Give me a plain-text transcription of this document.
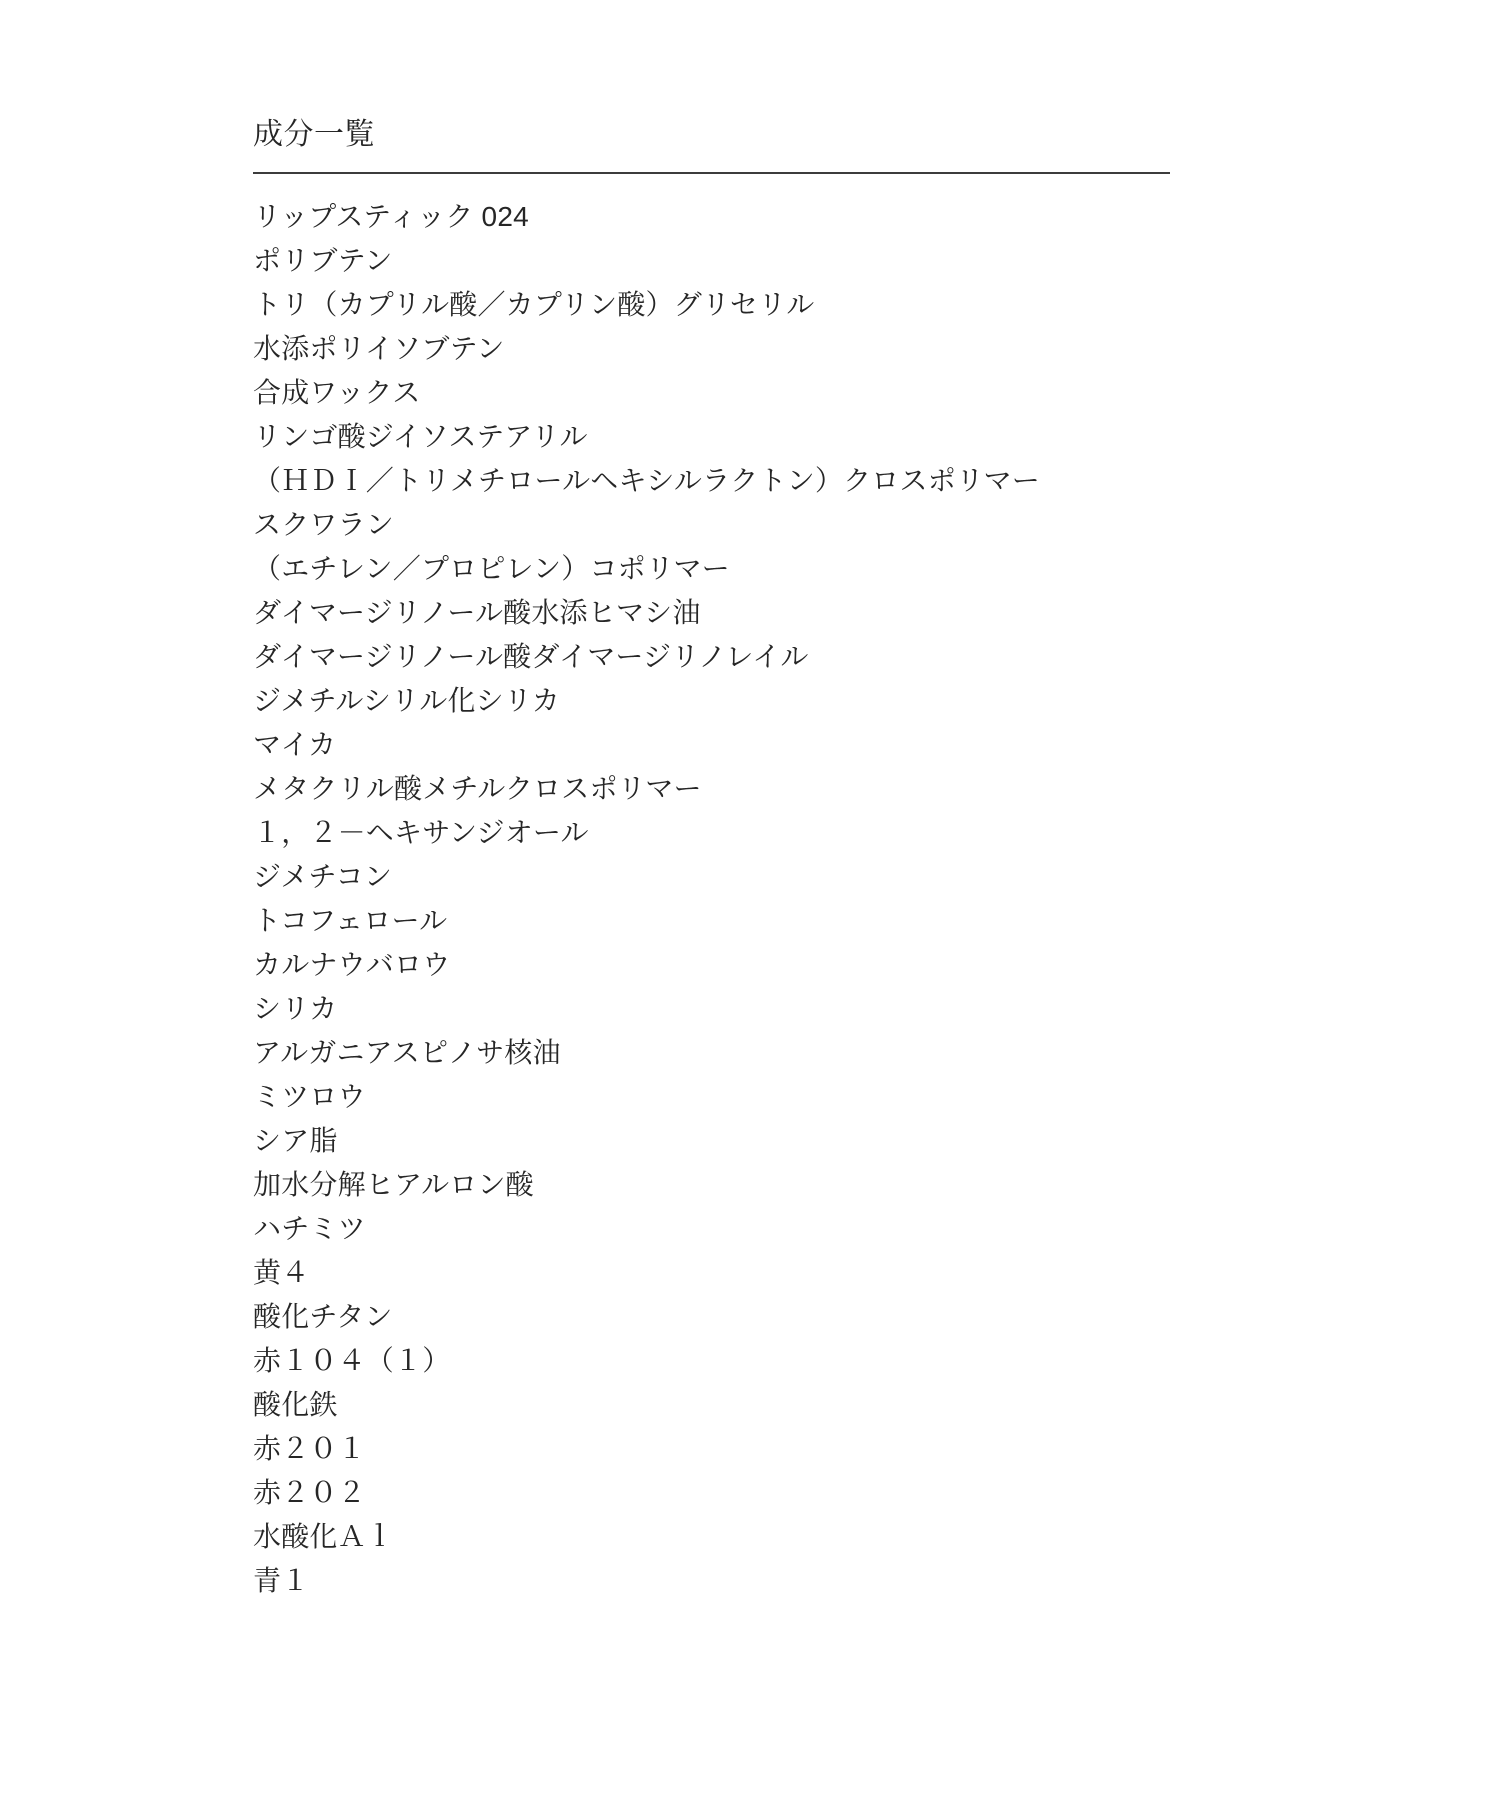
成分一覧
リップスティック 024
ポリブテン
トリ（カプリル酸／カプリン酸）グリセリル
水添ポリイソブテン
合成ワックス
リンゴ酸ジイソステアリル
（ＨＤＩ／トリメチロールヘキシルラクトン）クロスポリマー
スクワラン
（エチレン／プロピレン）コポリマー
ダイマージリノール酸水添ヒマシ油
ダイマージリノール酸ダイマージリノレイル
ジメチルシリル化シリカ
マイカ
メタクリル酸メチルクロスポリマー
１，２－ヘキサンジオール
ジメチコン
トコフェロール
カルナウバロウ
シリカ
アルガニアスピノサ核油
ミツロウ
シア脂
加水分解ヒアルロン酸
ハチミツ
黄４
酸化チタン
赤１０４（１）
酸化鉄
赤２０１
赤２０２
水酸化Ａｌ
青１
